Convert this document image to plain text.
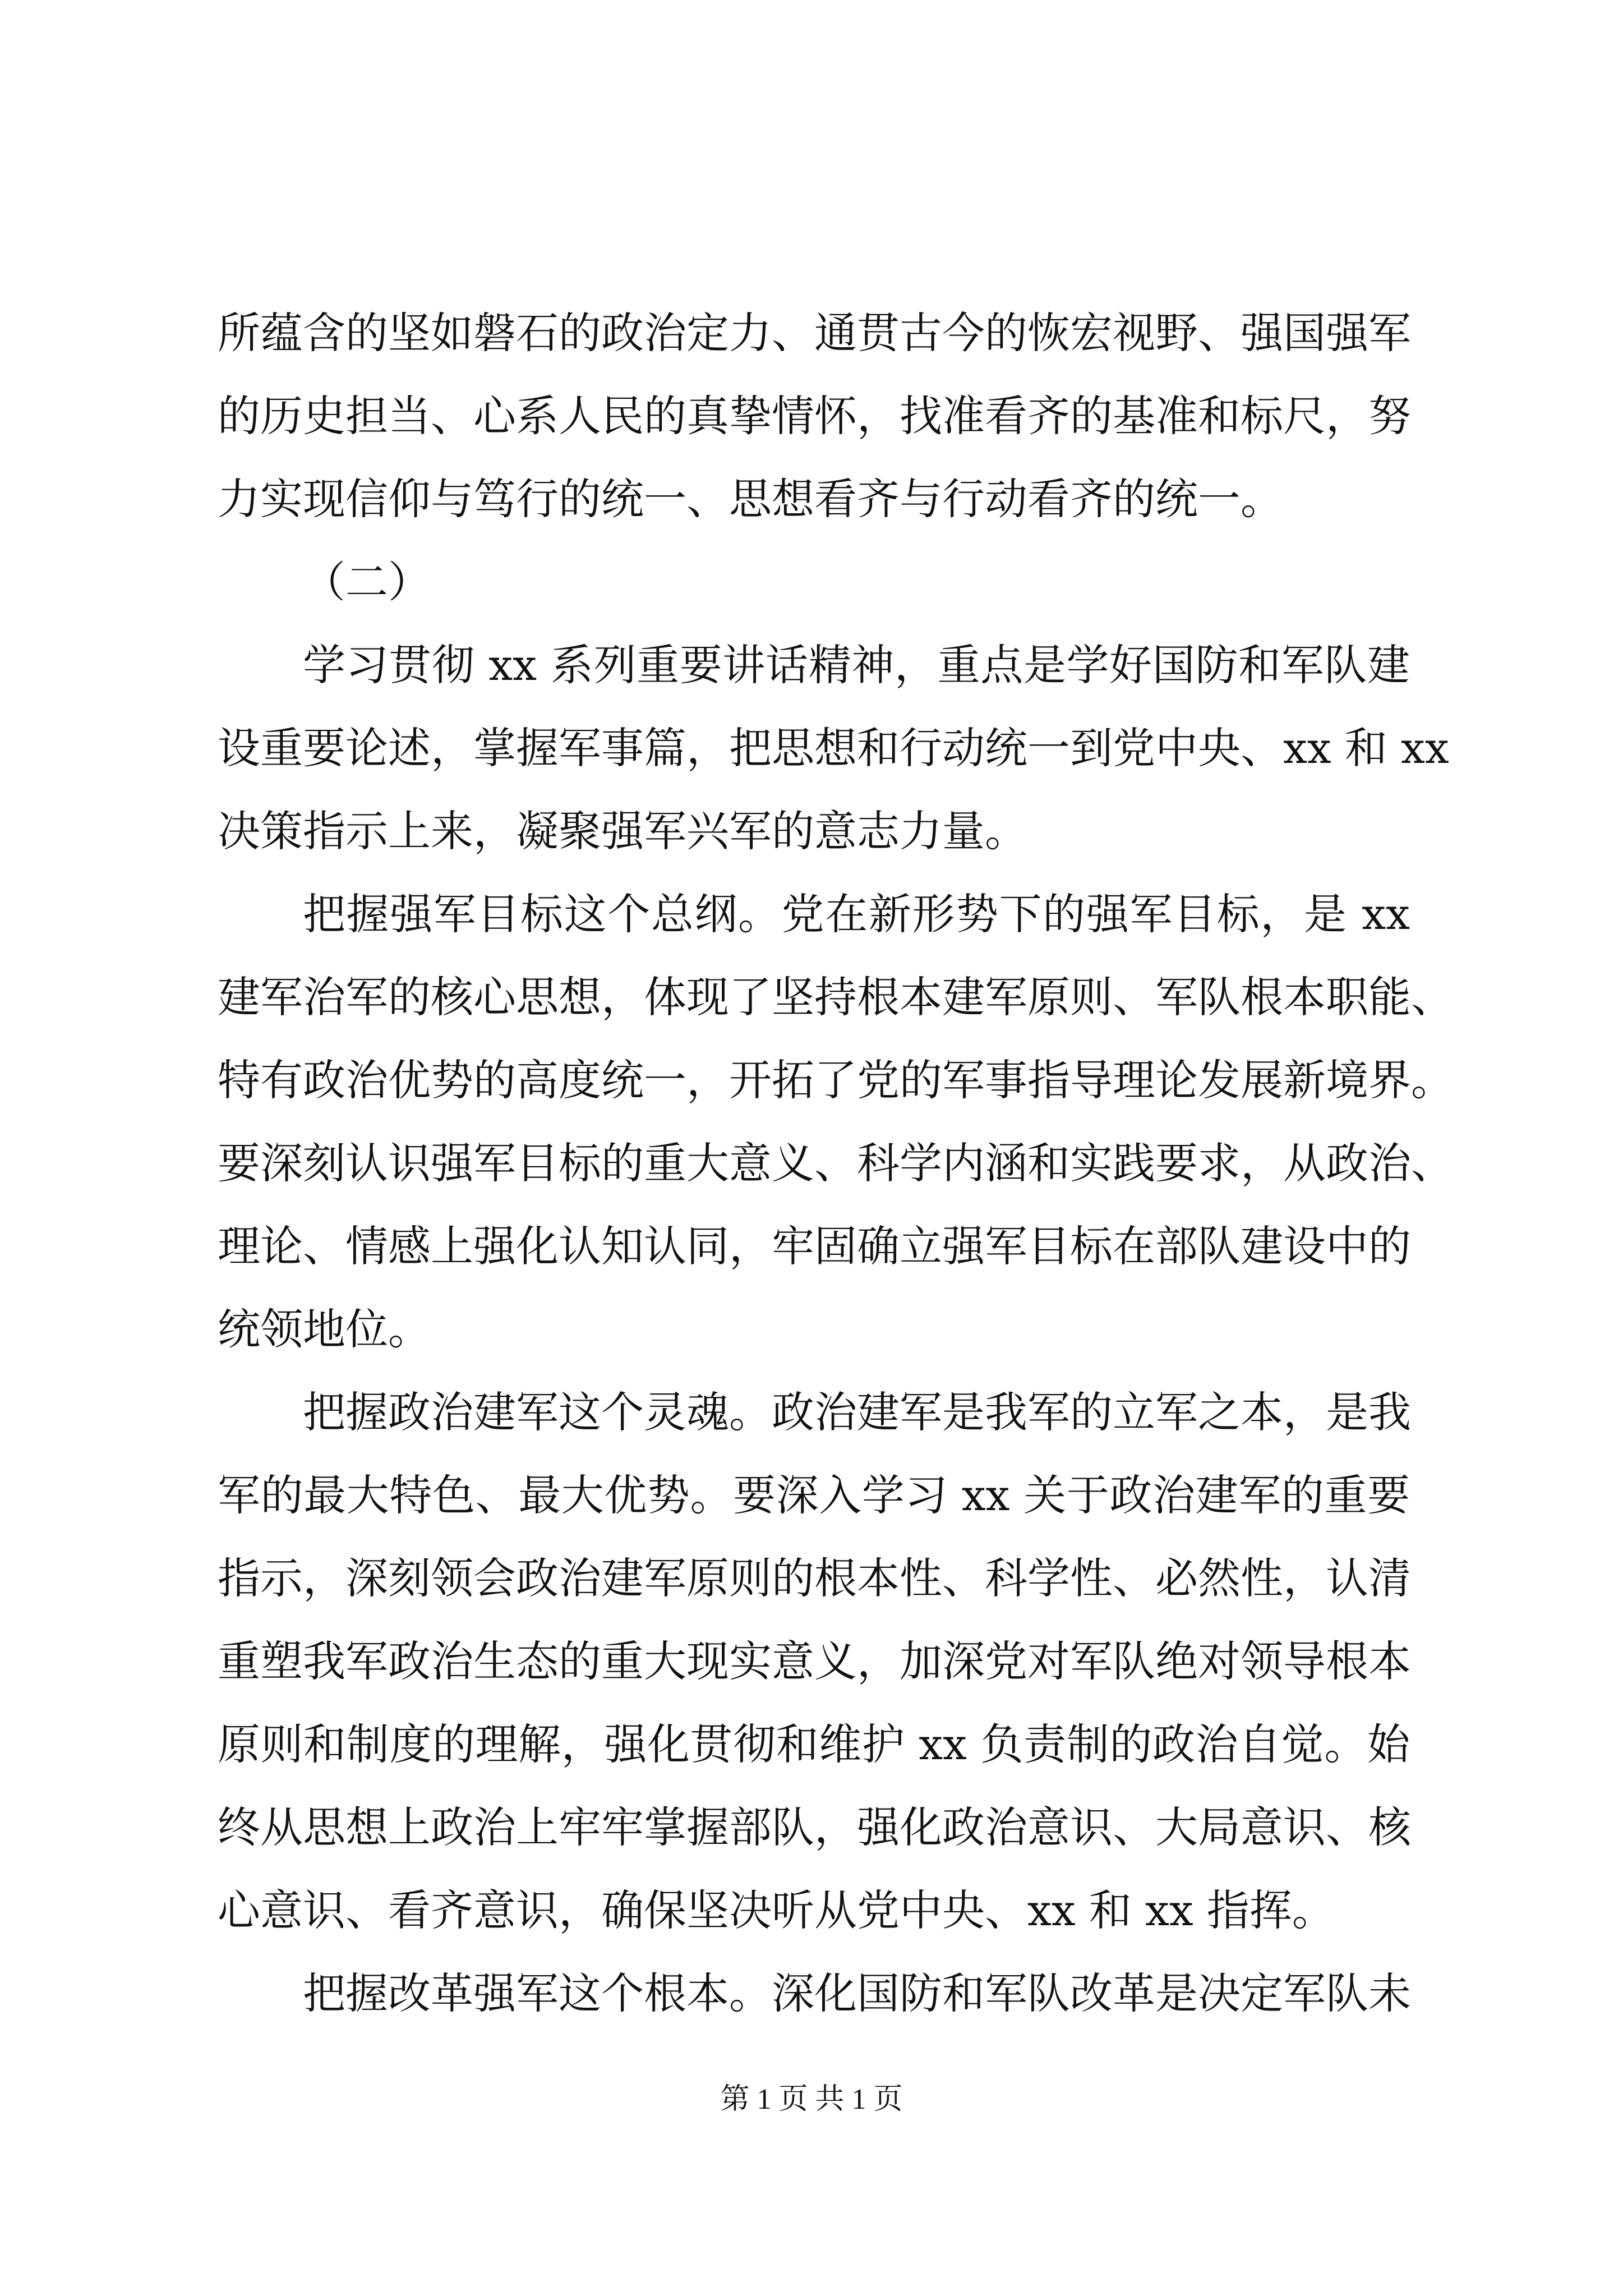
所蕴含的坚如磐石的政治定力、通贯古今的恢宏视野、强国强军
的历史担当、心系人民的真挚情怀，找准看齐的基准和标尺，努
力实现信仰与笃行的统一、思想看齐与行动看齐的统一。
（二）
学习贯彻 xx 系列重要讲话精神，重点是学好国防和军队建
设重要论述，掌握军事篇，把思想和行动统一到党中央、xx 和 xx
决策指示上来，凝聚强军兴军的意志力量。
把握强军目标这个总纲。党在新形势下的强军目标，是 xx
建军治军的核心思想，体现了坚持根本建军原则、军队根本职能、
特有政治优势的高度统一，开拓了党的军事指导理论发展新境界。
要深刻认识强军目标的重大意义、科学内涵和实践要求，从政治、
理论、情感上强化认知认同，牢固确立强军目标在部队建设中的
统领地位。
把握政治建军这个灵魂。政治建军是我军的立军之本，是我
军的最大特色、最大优势。要深入学习 xx 关于政治建军的重要
指示，深刻领会政治建军原则的根本性、科学性、必然性，认清
重塑我军政治生态的重大现实意义，加深党对军队绝对领导根本
原则和制度的理解，强化贯彻和维护 xx 负责制的政治自觉。始
终从思想上政治上牢牢掌握部队，强化政治意识、大局意识、核
心意识、看齐意识，确保坚决听从党中央、xx 和 xx 指挥。
把握改革强军这个根本。深化国防和军队改革是决定军队未
第 1 页 共 1 页
